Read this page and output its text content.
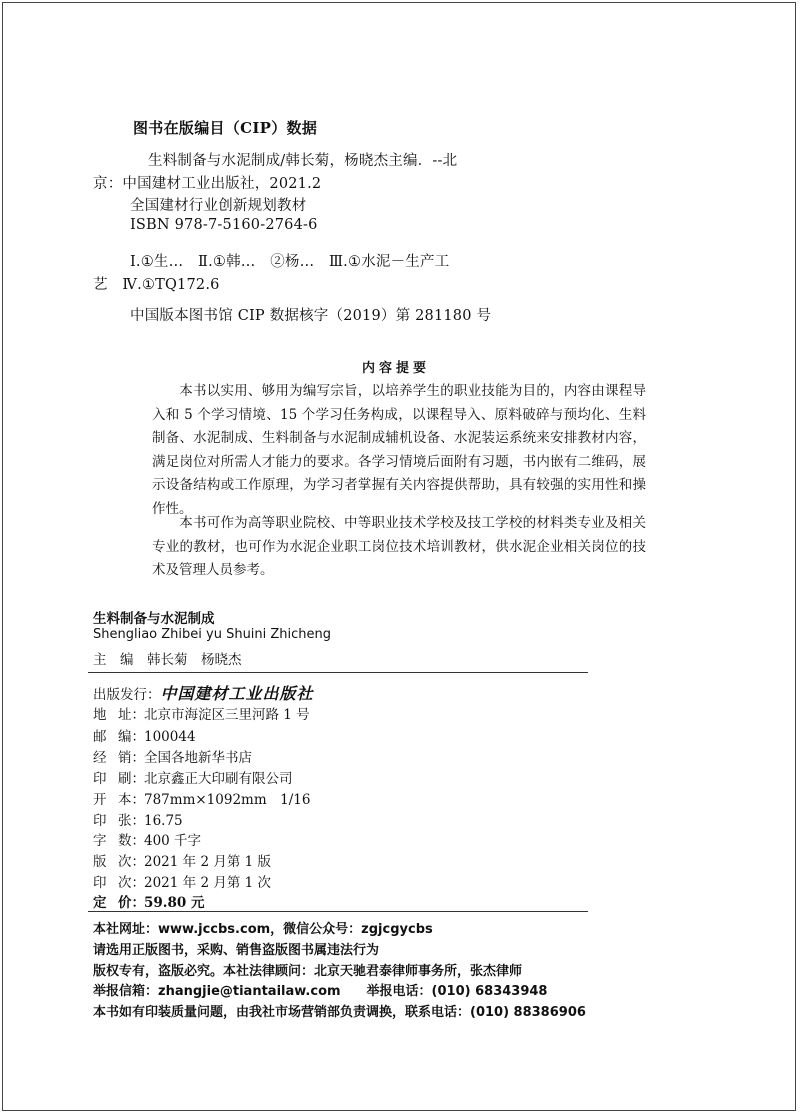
图书在版编目（CIP）数据
生料制备与水泥制成/韩长菊，杨晓杰主编．--北
京：中国建材工业出版社，2021.2
全国建材行业创新规划教材
ISBN 978-7-5160-2764-6
Ⅰ.①生…　Ⅱ.①韩…　②杨…　Ⅲ.①水泥－生产工
艺　Ⅳ.①TQ172.6
中国版本图书馆 CIP 数据核字（2019）第 281180 号
内容提要
本书以实用、够用为编写宗旨，以培养学生的职业技能为目的，内容由课程导入和 5 个学习情境、15 个学习任务构成，以课程导入、原料破碎与预均化、生料制备、水泥制成、生料制备与水泥制成辅机设备、水泥装运系统来安排教材内容，满足岗位对所需人才能力的要求。各学习情境后面附有习题，书内嵌有二维码，展示设备结构或工作原理，为学习者掌握有关内容提供帮助，具有较强的实用性和操作性。
本书可作为高等职业院校、中等职业技术学校及技工学校的材料类专业及相关专业的教材，也可作为水泥企业职工岗位技术培训教材，供水泥企业相关岗位的技术及管理人员参考。
生料制备与水泥制成
Shengliao Zhibei yu Shuini Zhicheng
主　编　韩长菊　杨晓杰
出版发行：中国建材工业出版社
地 址：北京市海淀区三里河路 1 号
邮 编：100044
经 销：全国各地新华书店
印 刷：北京鑫正大印刷有限公司
开 本：787mm×1092mm　1/16
印 张：16.75
字 数：400 千字
版 次：2021 年 2 月第 1 版
印 次：2021 年 2 月第 1 次
定 价：59.80 元
本社网址：www.jccbs.com，微信公众号：zgjcgycbs
请选用正版图书，采购、销售盗版图书属违法行为
版权专有，盗版必究。本社法律顾问：北京天驰君泰律师事务所，张杰律师
举报信箱：zhangjie@tiantailaw.com　　举报电话：(010) 68343948
本书如有印装质量问题，由我社市场营销部负责调换，联系电话：(010) 88386906
